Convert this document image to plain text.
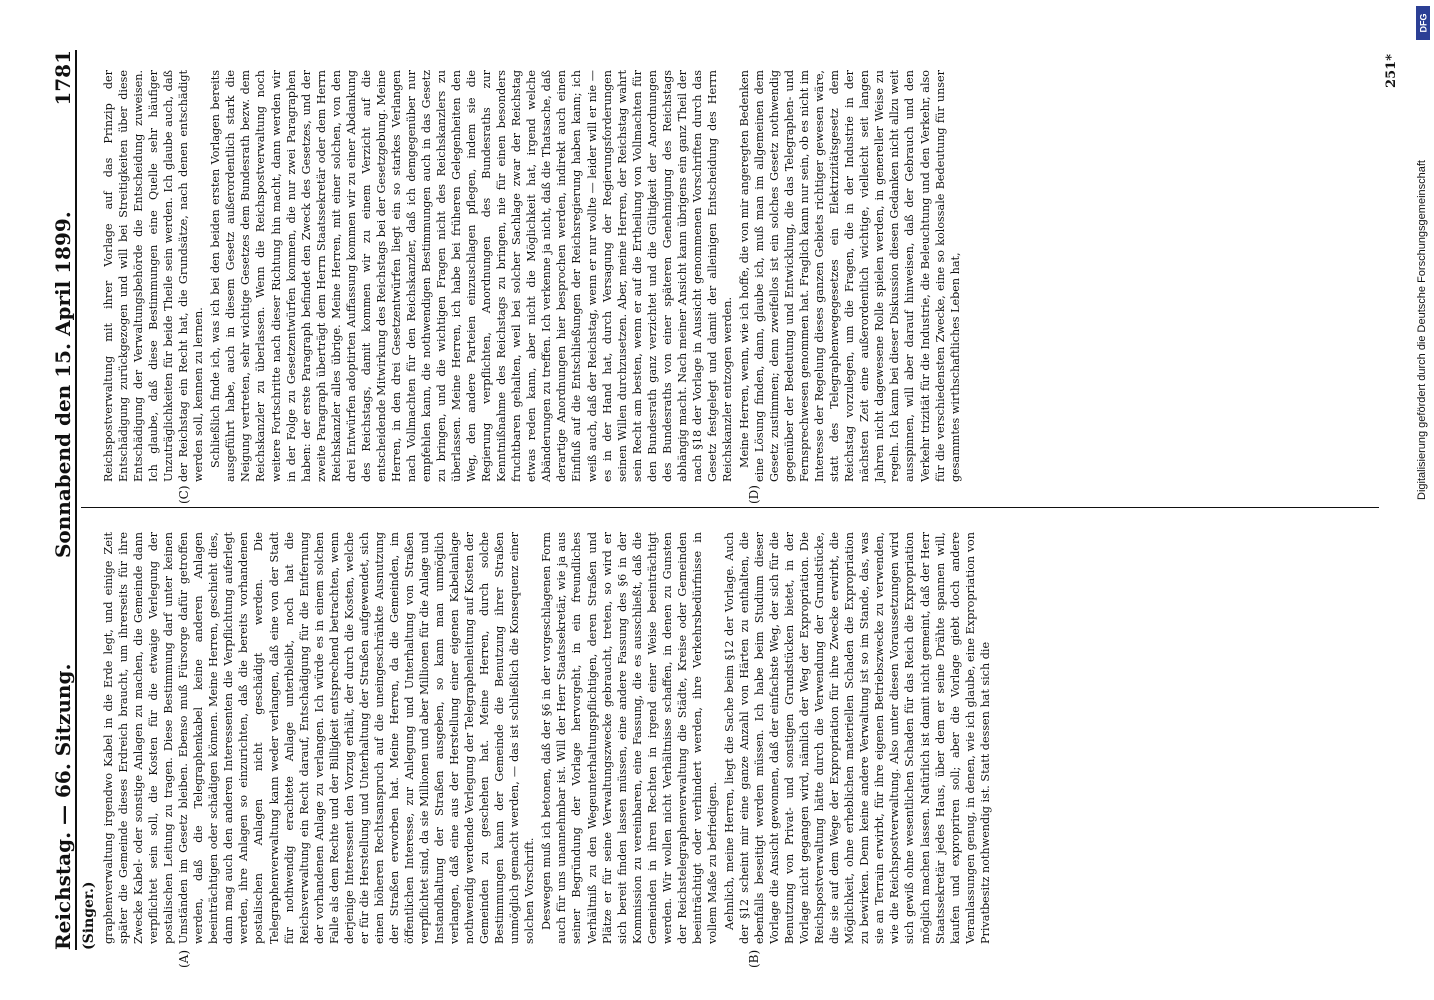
Reichstag. — 66. Sitzung.
Sonnabend den 15. April 1899.
1781
(Singer.)
(A)	(B)
(C)	(D)

graphenverwaltung irgendwo Kabel in die Erde legt, und einige Zeit später die Gemeinde dieses Erdreich braucht, um ihrerseits für ihre Zwecke Kabel- oder sonstige Anlagen zu machen, die Gemeinde dann verpflichtet sein soll, die Kosten für die etwaige Verlegung der postalischen Leitung zu tragen. Diese Bestimmung darf unter keinen Umständen im Gesetz bleiben. Ebenso muß Fürsorge dafür getroffen werden, daß die Telegraphenkabel keine anderen Anlagen beeinträchtigen oder schädigen können. Meine Herren, geschieht dies, dann mag auch den anderen Interessenten die Verpflichtung auferlegt werden, ihre Anlagen so einzurichten, daß die bereits vorhandenen postalischen Anlagen nicht geschädigt werden. Die Telegraphenverwaltung kann weder verlangen, daß eine von der Stadt für nothwendig erachtete Anlage unterbleibt, noch hat die Reichsverwaltung ein Recht darauf, Entschädigung für die Entfernung der vorhandenen Anlage zu verlangen. Ich würde es in einem solchen Falle als dem Rechte und der Billigkeit entsprechend betrachten, wenn derjenige Interessent den Vorzug erhält, der durch die Kosten, welche er für die Herstellung und Unterhaltung der Straßen aufgewendet, sich einen höheren Rechtsanspruch auf die uneingeschränkte Ausnutzung der Straßen erworben hat. Meine Herren, da die Gemeinden, im öffentlichen Interesse, zur Anlegung und Unterhaltung von Straßen verpflichtet sind, da sie Millionen und aber Millionen für die Anlage und Instandhaltung der Straßen ausgeben, so kann man unmöglich verlangen, daß eine aus der Herstellung einer eigenen Kabelanlage nothwendig werdende Verlegung der Telegraphenleitung auf Kosten der Gemeinden zu geschehen hat. Meine Herren, durch solche Bestimmungen kann der Gemeinde die Benutzung ihrer Straßen unmöglich gemacht werden, — das ist schließlich die Konsequenz einer solchen Vorschrift. Deswegen muß ich betonen, daß der §6 in der vorgeschlagenen Form auch für uns unannehmbar ist. Will der Herr Staatssekretär, wie ja aus seiner Begründung der Vorlage hervorgeht, in ein freundliches Verhältniß zu den Wegeunterhaltungspflichtigen, deren Straßen und Plätze er für seine Verwaltungszwecke gebraucht, treten, so wird er sich bereit finden lassen müssen, eine andere Fassung des §6 in der Kommission zu vereinbaren, eine Fassung, die es ausschließt, daß die Gemeinden in ihren Rechten in irgend einer Weise beeinträchtigt werden. Wir wollen nicht Verhältnisse schaffen, in denen zu Gunsten der Reichstelegraphenverwaltung die Städte, Kreise oder Gemeinden beeinträchtigt oder verhindert werden, ihre Verkehrsbedürfnisse in vollem Maße zu befriedigen. Aehnlich, meine Herren, liegt die Sache beim §12 der Vorlage. Auch der §12 scheint mir eine ganze Anzahl von Härten zu enthalten, die ebenfalls beseitigt werden müssen. Ich habe beim Studium dieser Vorlage die Ansicht gewonnen, daß der einfachste Weg, der sich für die Benutzung von Privat- und sonstigen Grundstücken bietet, in der Vorlage nicht gegangen wird, nämlich der Weg der Expropriation. Die Reichspostverwaltung hätte durch die Verwendung der Grundstücke, die sie auf dem Wege der Expropriation für ihre Zwecke erwirbt, die Möglichkeit, ohne erheblichen materiellen Schaden die Expropriation zu bewirken. Denn keine andere Verwaltung ist so im Stande, das, was sie an Terrain erwirbt, für ihre eigenen Betriebszwecke zu verwenden, wie die Reichspostverwaltung. Also unter diesen Voraussetzungen wird sich gewiß ohne wesentlichen Schaden für das Reich die Expropriation möglich machen lassen. Natürlich ist damit nicht gemeint, daß der Herr Staatssekretär jedes Haus, über dem er seine Drähte spannen will, kaufen und expropriren soll; aber die Vorlage giebt doch andere Veranlassungen genug, in denen, wie ich glaube, eine Expropriation von Privatbesitz nothwendig ist. Statt dessen hat sich die

Reichspostverwaltung mit ihrer Vorlage auf das Prinzip der Entschädigung zurückgezogen und will bei Streitigkeiten über diese Entschädigung der Verwaltungsbehörde die Entscheidung zuweisen. Ich glaube, daß diese Bestimmungen eine Quelle sehr häufiger Unzuträglichkeiten für beide Theile sein werden. Ich glaube auch, daß der Reichstag ein Recht hat, die Grundsätze, nach denen entschädigt werden soll, kennen zu lernen. Schließlich finde ich, was ich bei den beiden ersten Vorlagen bereits ausgeführt habe, auch in diesem Gesetz außerordentlich stark die Neigung vertreten, sehr wichtige Gesetzes dem Bundesrath bezw. dem Reichskanzler zu überlassen. Wenn die Reichspostverwaltung noch weitere Fortschritte nach dieser Richtung hin macht, dann werden wir in der Folge zu Gesetzentwürfen kommen, die nur zwei Paragraphen haben: der erste Paragraph befindet den Zweck des Gesetzes, und der zweite Paragraph überträgt dem Herrn Staatssekretär oder dem Herrn Reichskanzler alles übrige. Meine Herren, mit einer solchen, von den drei Entwürfen adoptirten Auffassung kommen wir zu einer Abdankung des Reichstags, damit kommen wir zu einem Verzicht auf die entscheidende Mitwirkung des Reichstags bei der Gesetzgebung. Meine Herren, in den drei Gesetzentwürfen liegt ein so starkes Verlangen nach Vollmachten für den Reichskanzler, daß ich demgegenüber nur empfehlen kann, die nothwendigen Bestimmungen auch in das Gesetz zu bringen, und die wichtigen Fragen nicht des Reichskanzlers zu überlassen. Meine Herren, ich habe bei früheren Gelegenheiten den Weg, den andere Parteien einzuschlagen pflegen, indem sie die Regierung verpflichten, Anordnungen des Bundesraths zur Kenntnißnahme des Reichstags zu bringen, nie für einen besonders fruchtbaren gehalten, weil bei solcher Sachlage zwar der Reichstag etwas reden kann, aber nicht die Möglichkeit hat, irgend welche Abänderungen zu treffen. Ich verkenne ja nicht, daß die Thatsache, daß derartige Anordnungen hier besprochen werden, indirekt auch einen Einfluß auf die Entschließungen der Reichsregierung haben kann; ich weiß auch, daß der Reichstag, wenn er nur wollte — leider will er nie — es in der Hand hat, durch Versagung der Regierungsforderungen seinen Willen durchzusetzen. Aber, meine Herren, der Reichstag wahrt sein Recht am besten, wenn er auf die Ertheilung von Vollmachten für den Bundesrath ganz verzichtet und die Gültigkeit der Anordnungen des Bundesraths von einer späteren Genehmigung des Reichstags abhängig macht. Nach meiner Ansicht kann übrigens ein ganz Theil der nach §18 der Vorlage in Aussicht genommenen Vorschriften durch das Gesetz festgelegt und damit der alleinigen Entscheidung des Herrn Reichskanzler entzogen werden. Meine Herren, wenn, wie ich hoffe, die von mir angeregten Bedenken eine Lösung finden, dann, glaube ich, muß man im allgemeinen dem Gesetz zustimmen; denn zweifellos ist ein solches Gesetz nothwendig gegenüber der Bedeutung und Entwicklung, die das Telegraphen- und Fernsprechwesen genommen hat. Fraglich kann nur sein, ob es nicht im Interesse der Regelung dieses ganzen Gebiets richtiger gewesen wäre, statt des Telegraphenwegegesetzes ein Elektrizitätsgesetz dem Reichstag vorzulegen, um die Fragen, die in der Industrie in der nächsten Zeit eine außerordentlich wichtige, vielleicht seit langen Jahren nicht dagewesene Rolle spielen werden, in genereller Weise zu regeln. Ich kann bei dieser Diskussion diesen Gedanken nicht allzu weit ausspinnen, will aber darauf hinweisen, daß der Gebrauch und den Verkehr trizität für die Industrie, die Beleuchtung und den Verkehr, also für die verschiedensten Zwecke, eine so kolossale Bedeutung für unser gesammtes wirthschaftliches Leben hat,

251*
DFG
Digitalisierung gefördert durch die Deutsche Forschungsgemeinschaft
